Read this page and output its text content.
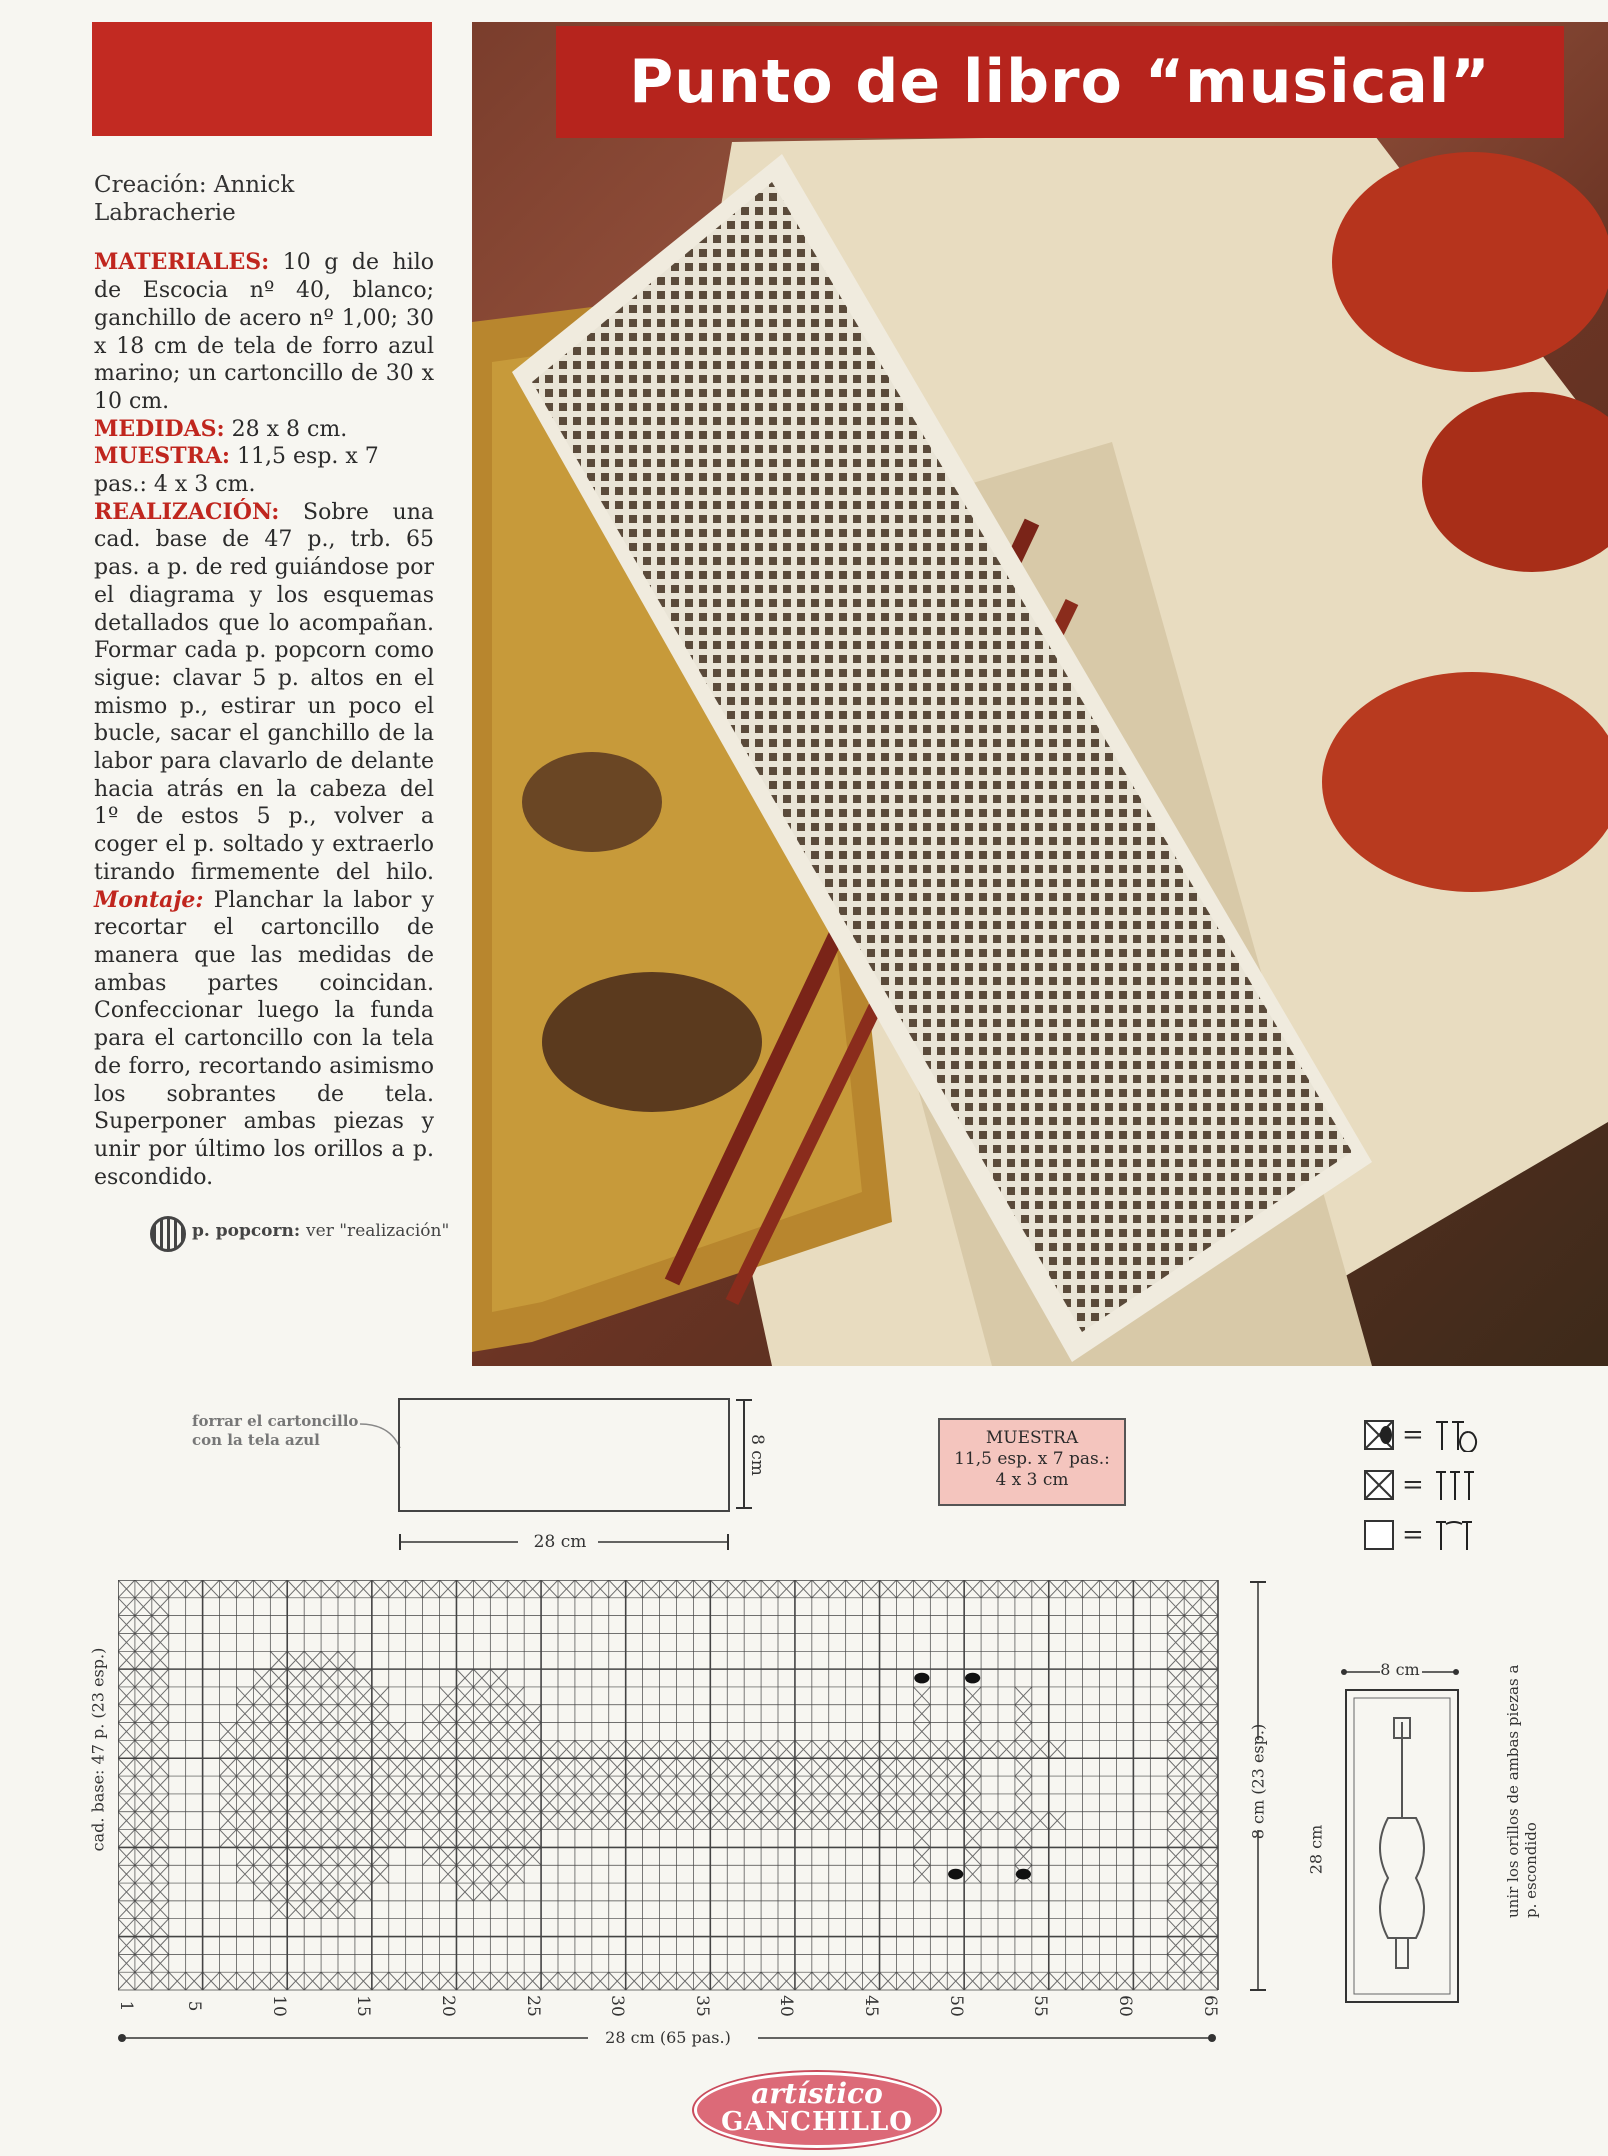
Punto de libro “musical”

Creación: Annick Labracherie

MATERIALES: 10 g de hilo de Escocia nº 40, blanco; ganchillo de acero nº 1,00; 30 x 18 cm de tela de forro azul marino; un cartoncillo de 30 x 10 cm.

MEDIDAS: 28 x 8 cm.

MUESTRA: 11,5 esp. x 7 pas.: 4 x 3 cm.

REALIZACIÓN: Sobre una cad. base de 47 p., trb. 65 pas. a p. de red guiándose por el diagrama y los esquemas detallados que lo acompañan. Formar cada p. popcorn como sigue: clavar 5 p. altos en el mismo p., estirar un poco el bucle, sacar el ganchillo de la labor para clavarlo de delante hacia atrás en la cabeza del 1º de estos 5 p., volver a coger el p. soltado y extraerlo tirando firmemente del hilo. Montaje: Planchar la labor y recortar el cartoncillo de manera que las medidas de ambas partes coincidan. Confeccionar luego la funda para el cartoncillo con la tela de forro, recortando asimismo los sobrantes de tela. Superponer ambas piezas y unir por último los orillos a p. escondido.

p. popcorn: ver "realización"
forrar el cartoncillo con la tela azul	8 cm
28 cm
MUESTRA
11,5 esp. x 7 pas.:
4 x 3 cm
=
=
=
cad. base: 47 p. (23 esp.)	8 cm (23 esp.)
1	5	10	15	20	25	30	35	40	45	50	55	60	65
28 cm (65 pas.)
8 cm
28 cm	unir los orillos de ambas piezas a p. escondido
artístico
GANCHILLO
